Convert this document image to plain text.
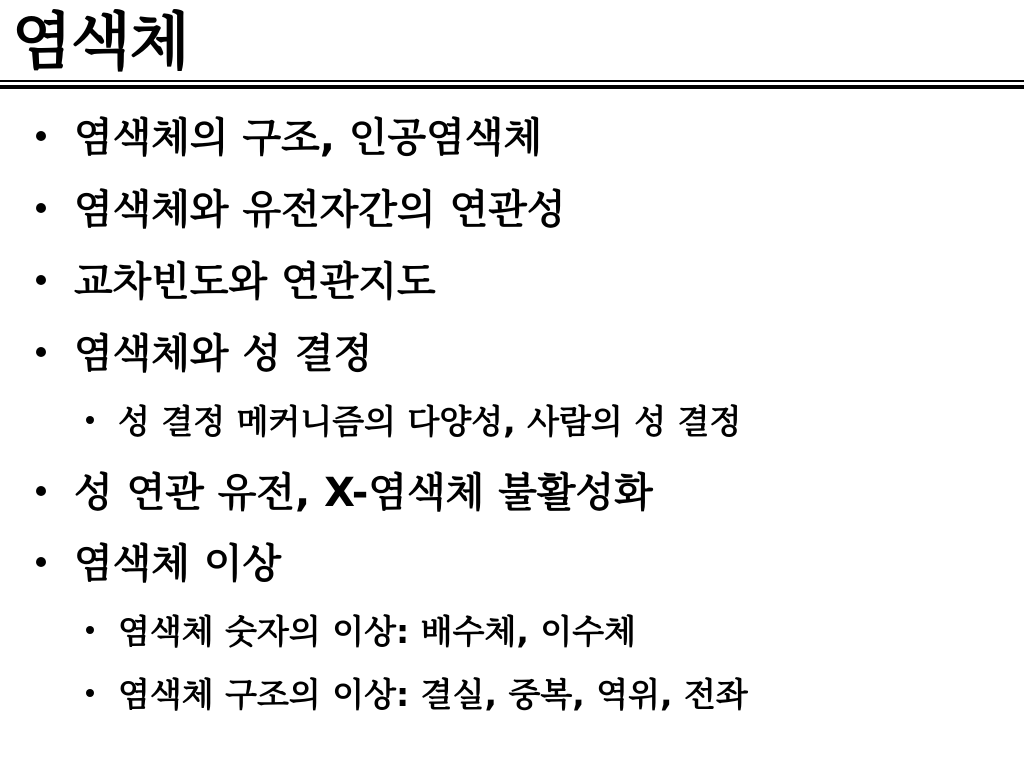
염색체
염색체의 구조, 인공염색체
염색체와 유전자간의 연관성
교차빈도와 연관지도
염색체와 성 결정
성 결정 메커니즘의 다양성, 사람의 성 결정
성 연관 유전, X-염색체 불활성화
염색체 이상
염색체 숫자의 이상: 배수체, 이수체
염색체 구조의 이상: 결실, 중복, 역위, 전좌
